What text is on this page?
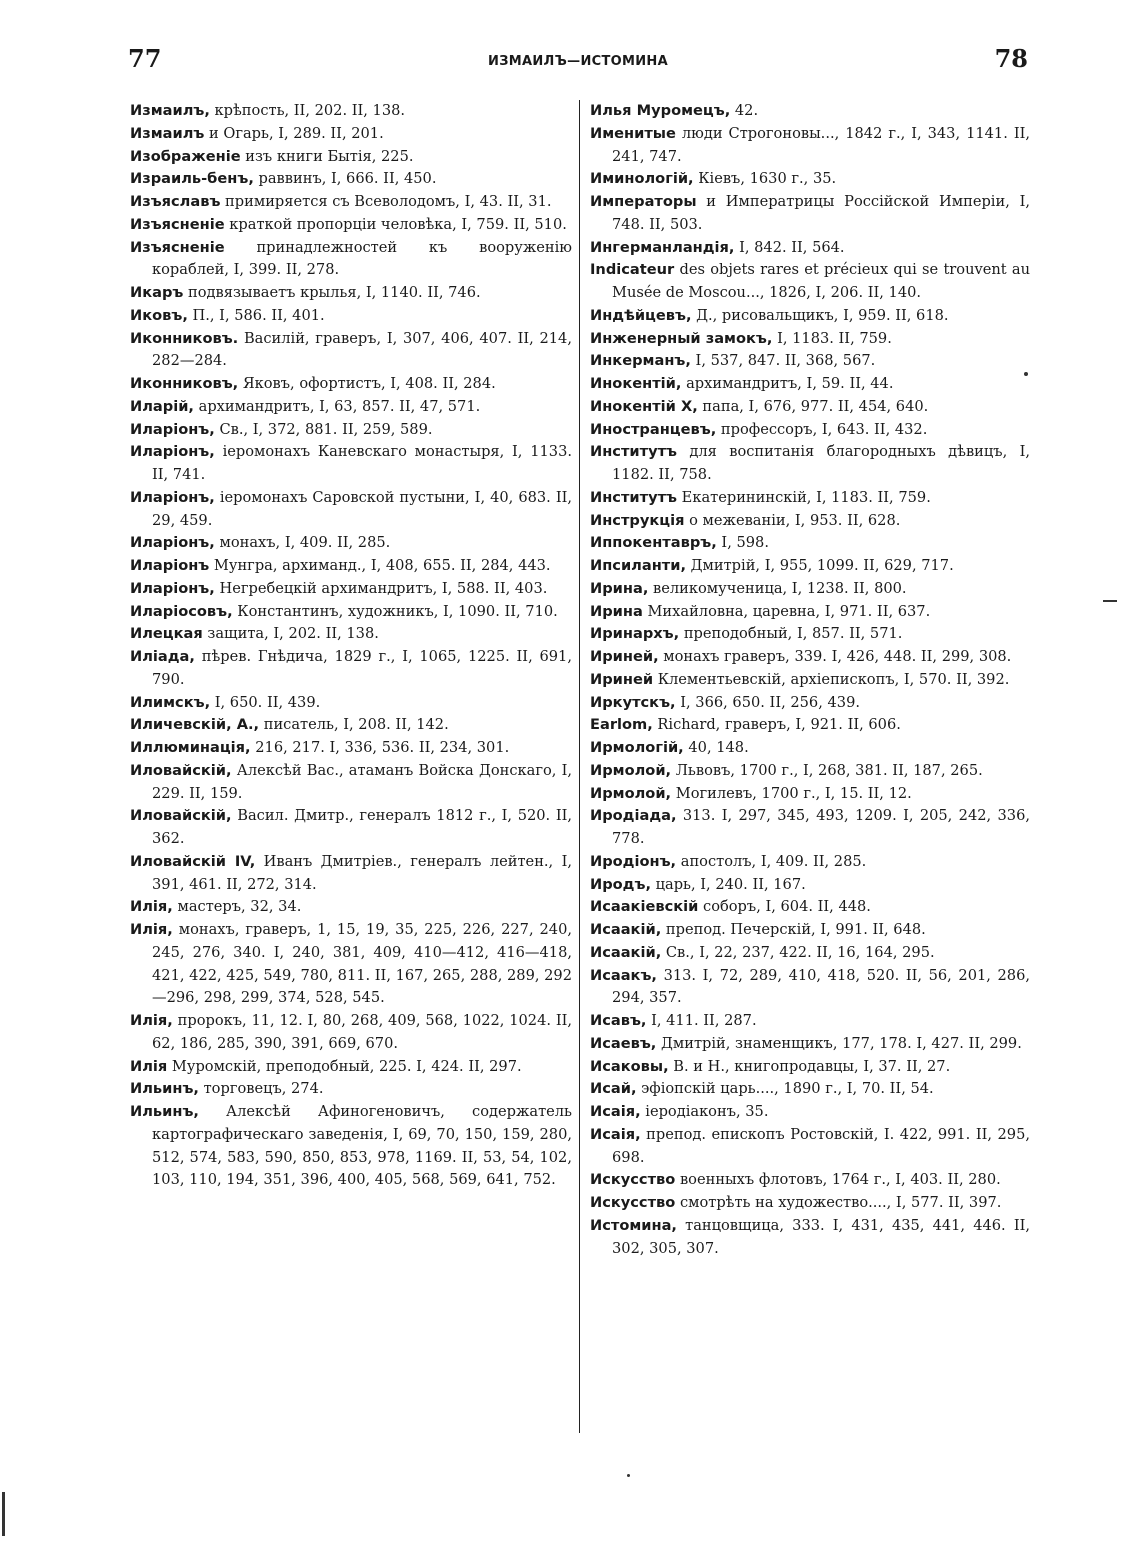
77	ИЗМАИЛЪ—ИСТОМИНА	78

Измаилъ, крѣпость, II, 202. II, 138.

Измаилъ и Огарь, I, 289. II, 201.

Изображенiе изъ книги Бытiя, 225.

Израиль-бенъ, раввинъ, I, 666. II, 450.

Изъяславъ примиряется съ Всеволодомъ, I, 43. II, 31.

Изъясненiе краткой пропорцiи человѣка, I, 759. II, 510.

Изъясненiе принадлежностей къ вооруженiю кораблей, I, 399. II, 278.

Икаръ подвязываетъ крылья, I, 1140. II, 746.

Иковъ, П., I, 586. II, 401.

Иконниковъ. Василiй, граверъ, I, 307, 406, 407. II, 214, 282—284.

Иконниковъ, Яковъ, офортистъ, I, 408. II, 284.

Иларiй, архимандритъ, I, 63, 857. II, 47, 571.

Иларiонъ, Св., I, 372, 881. II, 259, 589.

Иларiонъ, iеромонахъ Каневскаго монастыря, I, 1133. II, 741.

Иларiонъ, iеромонахъ Саровской пустыни, I, 40, 683. II, 29, 459.

Иларiонъ, монахъ, I, 409. II, 285.

Иларiонъ Мунгра, архиманд., I, 408, 655. II, 284, 443.

Иларiонъ, Негребецкiй архимандритъ, I, 588. II, 403.

Иларiосовъ, Константинъ, художникъ, I, 1090. II, 710.

Илецкая защита, I, 202. II, 138.

Илiада, пѣрев. Гнѣдича, 1829 г., I, 1065, 1225. II, 691, 790.

Илимскъ, I, 650. II, 439.

Иличевскiй, А., писатель, I, 208. II, 142.

Иллюминацiя, 216, 217. I, 336, 536. II, 234, 301.

Иловайскiй, Алексѣй Вас., атаманъ Войска Донскаго, I, 229. II, 159.

Иловайскiй, Васил. Дмитр., генералъ 1812 г., I, 520. II, 362.

Иловайскiй IV, Иванъ Дмитрiев., генералъ лейтен., I, 391, 461. II, 272, 314.

Илiя, мастеръ, 32, 34.

Илiя, монахъ, граверъ, 1, 15, 19, 35, 225, 226, 227, 240, 245, 276, 340. I, 240, 381, 409, 410—412, 416—418, 421, 422, 425, 549, 780, 811. II, 167, 265, 288, 289, 292—296, 298, 299, 374, 528, 545.

Илiя, пророкъ, 11, 12. I, 80, 268, 409, 568, 1022, 1024. II, 62, 186, 285, 390, 391, 669, 670.

Илiя Муромскiй, преподобный, 225. I, 424. II, 297.

Ильинъ, торговецъ, 274.

Ильинъ, Алексѣй Афиногеновичъ, содержатель картографическаго заведенiя, I, 69, 70, 150, 159, 280, 512, 574, 583, 590, 850, 853, 978, 1169. II, 53, 54, 102, 103, 110, 194, 351, 396, 400, 405, 568, 569, 641, 752.

Илья Муромецъ, 42.

Именитые люди Строгоновы..., 1842 г., I, 343, 1141. II, 241, 747.

Иминологiй, Кiевъ, 1630 г., 35.

Императоры и Императрицы Россiйской Имперiи, I, 748. II, 503.

Ингерманландiя, I, 842. II, 564.

Indicateur des objets rares et précieux qui se trouvent au Musée de Moscou..., 1826, I, 206. II, 140.

Индѣйцевъ, Д., рисовальщикъ, I, 959. II, 618.

Инженерный замокъ, I, 1183. II, 759.

Инкерманъ, I, 537, 847. II, 368, 567.

Инокентiй, архимандритъ, I, 59. II, 44.

Инокентiй X, папа, I, 676, 977. II, 454, 640.

Иностранцевъ, профессоръ, I, 643. II, 432.

Институтъ для воспитанiя благородныхъ дѣвицъ, I, 1182. II, 758.

Институтъ Екатерининскiй, I, 1183. II, 759.

Инструкцiя о межеванiи, I, 953. II, 628.

Иппокентавръ, I, 598.

Ипсиланти, Дмитрiй, I, 955, 1099. II, 629, 717.

Ирина, великомученица, I, 1238. II, 800.

Ирина Михайловна, царевна, I, 971. II, 637.

Иринархъ, преподобный, I, 857. II, 571.

Ириней, монахъ граверъ, 339. I, 426, 448. II, 299, 308.

Ириней Клементьевскiй, архiепископъ, I, 570. II, 392.

Иркутскъ, I, 366, 650. II, 256, 439.

Earlom, Richard, граверъ, I, 921. II, 606.

Ирмологiй, 40, 148.

Ирмолой, Львовъ, 1700 г., I, 268, 381. II, 187, 265.

Ирмолой, Могилевъ, 1700 г., I, 15. II, 12.

Иродiада, 313. I, 297, 345, 493, 1209. I, 205, 242, 336, 778.

Иродiонъ, апостолъ, I, 409. II, 285.

Иродъ, царь, I, 240. II, 167.

Исаакiевскiй соборъ, I, 604. II, 448.

Исаакiй, препод. Печерскiй, I, 991. II, 648.

Исаакiй, Св., I, 22, 237, 422. II, 16, 164, 295.

Исаакъ, 313. I, 72, 289, 410, 418, 520. II, 56, 201, 286, 294, 357.

Исавъ, I, 411. II, 287.

Исаевъ, Дмитрiй, знаменщикъ, 177, 178. I, 427. II, 299.

Исаковы, В. и Н., книгопродавцы, I, 37. II, 27.

Исай, эфiопскiй царь...., 1890 г., I, 70. II, 54.

Исаiя, iеродiаконъ, 35.

Исаiя, препод. епископъ Ростовскiй, I. 422, 991. II, 295, 698.

Искусство военныхъ флотовъ, 1764 г., I, 403. II, 280.

Искусство смотрѣть на художество...., I, 577. II, 397.

Истомина, танцовщица, 333. I, 431, 435, 441, 446. II, 302, 305, 307.
